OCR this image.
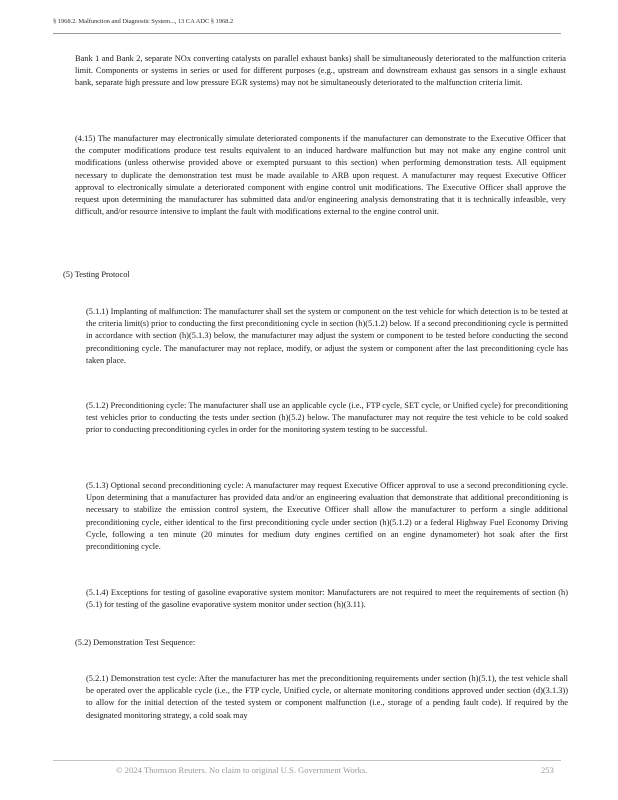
§ 1968.2. Malfunction and Diagnostic System..., 13 CA ADC § 1968.2
Bank 1 and Bank 2, separate NOx converting catalysts on parallel exhaust banks) shall be simultaneously deteriorated to the malfunction criteria limit. Components or systems in series or used for different purposes (e.g., upstream and downstream exhaust gas sensors in a single exhaust bank, separate high pressure and low pressure EGR systems) may not be simultaneously deteriorated to the malfunction criteria limit.
(4.15) The manufacturer may electronically simulate deteriorated components if the manufacturer can demonstrate to the Executive Officer that the computer modifications produce test results equivalent to an induced hardware malfunction but may not make any engine control unit modifications (unless otherwise provided above or exempted pursuant to this section) when performing demonstration tests. All equipment necessary to duplicate the demonstration test must be made available to ARB upon request. A manufacturer may request Executive Officer approval to electronically simulate a deteriorated component with engine control unit modifications. The Executive Officer shall approve the request upon determining the manufacturer has submitted data and/or engineering analysis demonstrating that it is technically infeasible, very difficult, and/or resource intensive to implant the fault with modifications external to the engine control unit.
(5) Testing Protocol
(5.1.1) Implanting of malfunction: The manufacturer shall set the system or component on the test vehicle for which detection is to be tested at the criteria limit(s) prior to conducting the first preconditioning cycle in section (h)(5.1.2) below. If a second preconditioning cycle is permitted in accordance with section (h)(5.1.3) below, the manufacturer may adjust the system or component to be tested before conducting the second preconditioning cycle. The manufacturer may not replace, modify, or adjust the system or component after the last preconditioning cycle has taken place.
(5.1.2) Preconditioning cycle: The manufacturer shall use an applicable cycle (i.e., FTP cycle, SET cycle, or Unified cycle) for preconditioning test vehicles prior to conducting the tests under section (h)(5.2) below. The manufacturer may not require the test vehicle to be cold soaked prior to conducting preconditioning cycles in order for the monitoring system testing to be successful.
(5.1.3) Optional second preconditioning cycle: A manufacturer may request Executive Officer approval to use a second preconditioning cycle. Upon determining that a manufacturer has provided data and/or an engineering evaluation that demonstrate that additional preconditioning is necessary to stabilize the emission control system, the Executive Officer shall allow the manufacturer to perform a single additional preconditioning cycle, either identical to the first preconditioning cycle under section (h)(5.1.2) or a federal Highway Fuel Economy Driving Cycle, following a ten minute (20 minutes for medium duty engines certified on an engine dynamometer) hot soak after the first preconditioning cycle.
(5.1.4) Exceptions for testing of gasoline evaporative system monitor: Manufacturers are not required to meet the requirements of section (h)(5.1) for testing of the gasoline evaporative system monitor under section (h)(3.11).
(5.2) Demonstration Test Sequence:
(5.2.1) Demonstration test cycle: After the manufacturer has met the preconditioning requirements under section (h)(5.1), the test vehicle shall be operated over the applicable cycle (i.e., the FTP cycle, Unified cycle, or alternate monitoring conditions approved under section (d)(3.1.3)) to allow for the initial detection of the tested system or component malfunction (i.e., storage of a pending fault code). If required by the designated monitoring strategy, a cold soak may
© 2024 Thomson Reuters. No claim to original U.S. Government Works.	253
